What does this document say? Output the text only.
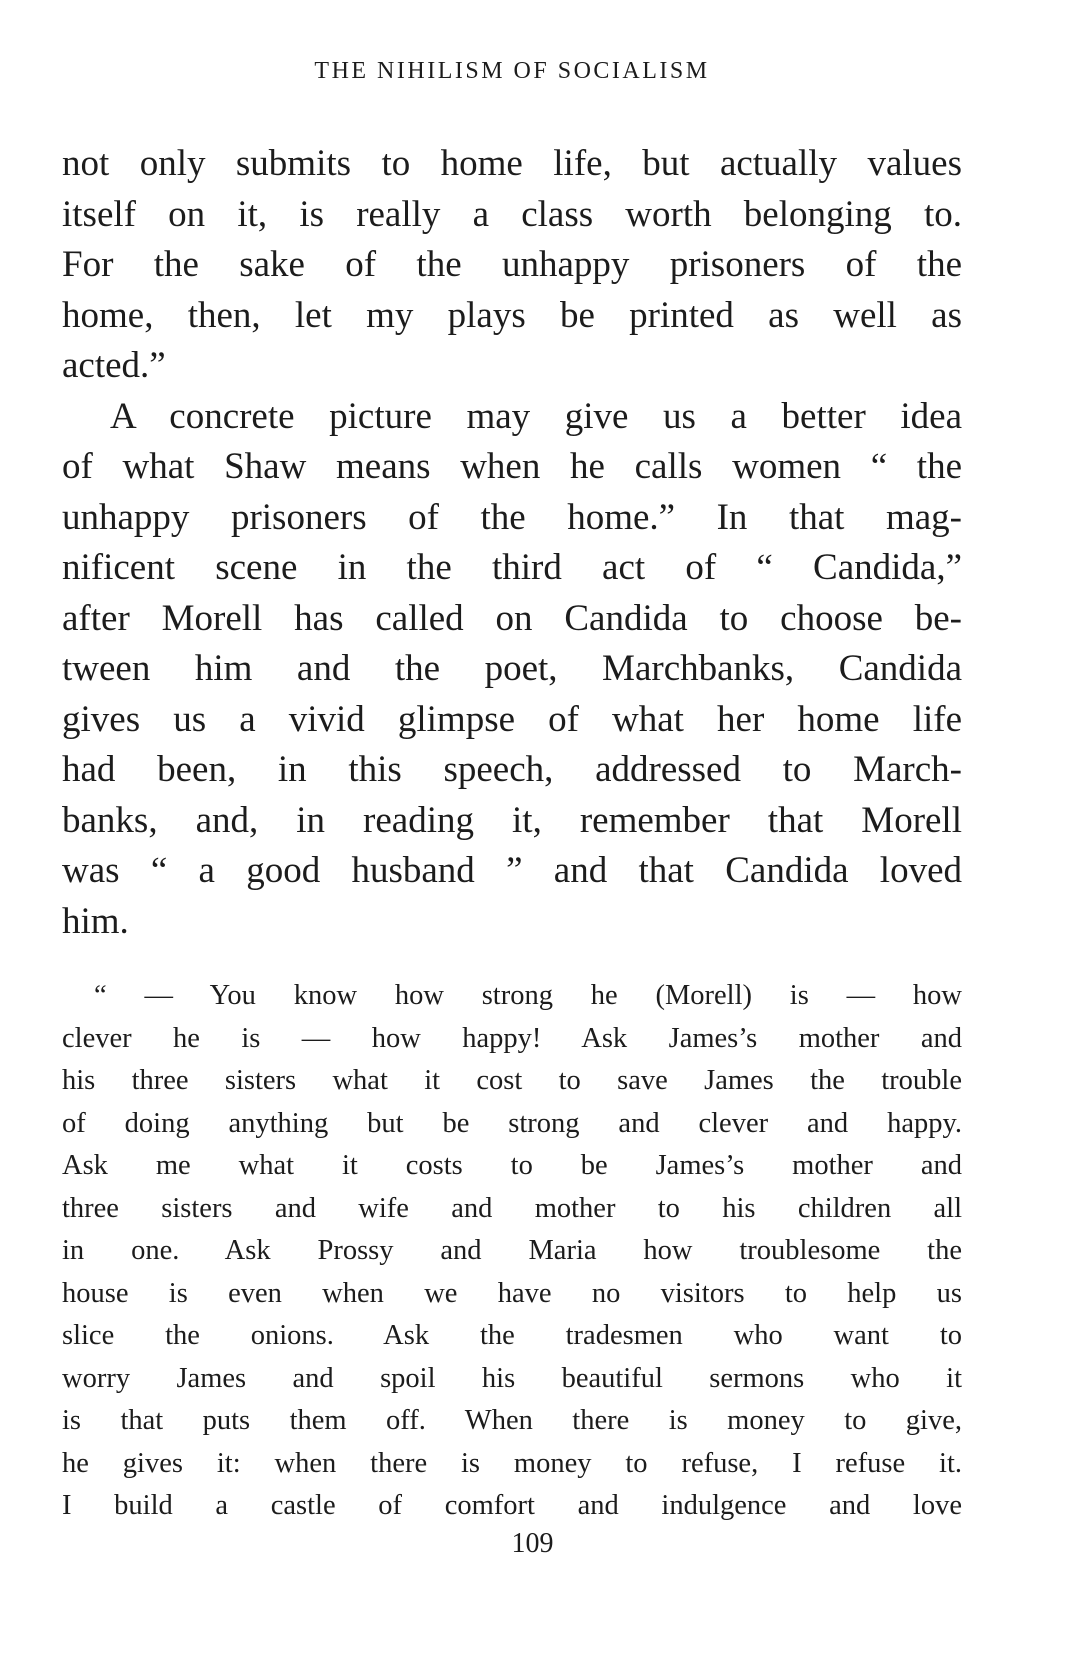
THE NIHILISM OF SOCIALISM
not only submits to home life, but actually values
itself on it, is really a class worth belonging to.
For the sake of the unhappy prisoners of the
home, then, let my plays be printed as well as
acted.”
A concrete picture may give us a better idea
of what Shaw means when he calls women “ the
unhappy prisoners of the home.” In that mag-
nificent scene in the third act of “ Candida,”
after Morell has called on Candida to choose be-
tween him and the poet, Marchbanks, Candida
gives us a vivid glimpse of what her home life
had been, in this speech, addressed to March-
banks, and, in reading it, remember that Morell
was “ a good husband ” and that Candida loved
him.
“ — You know how strong he (Morell) is — how
clever he is — how happy! Ask James’s mother and
his three sisters what it cost to save James the trouble
of doing anything but be strong and clever and happy.
Ask me what it costs to be James’s mother and
three sisters and wife and mother to his children all
in one. Ask Prossy and Maria how troublesome the
house is even when we have no visitors to help us
slice the onions. Ask the tradesmen who want to
worry James and spoil his beautiful sermons who it
is that puts them off. When there is money to give,
he gives it: when there is money to refuse, I refuse it.
I build a castle of comfort and indulgence and love
109
